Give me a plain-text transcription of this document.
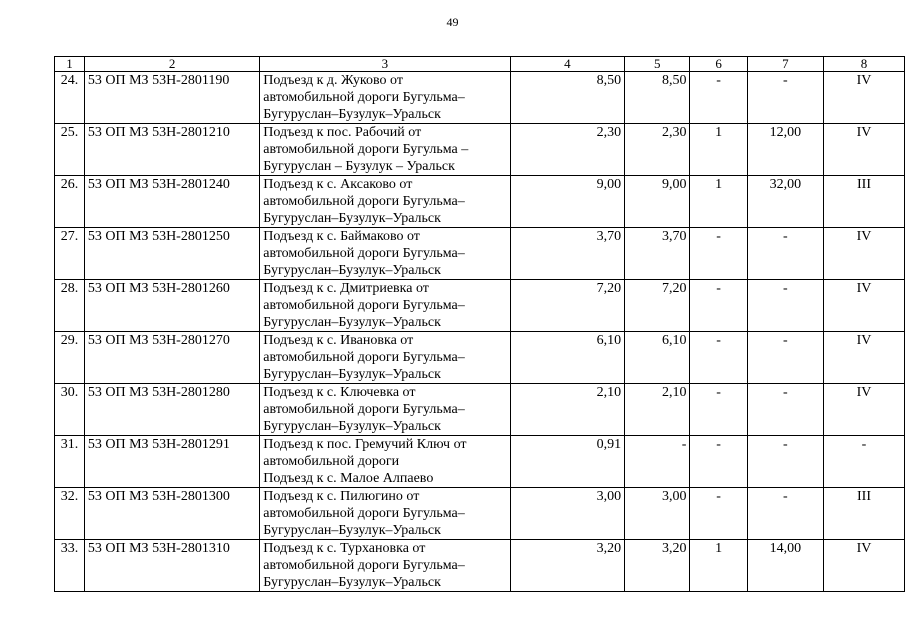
49
1	2	3	4	5	6	7	8
24.	53 ОП МЗ 53Н-2801190	Подъезд к д. Жуково от
автомобильной дороги Бугульма–
Бугуруслан–Бузулук–Уральск	8,50	8,50	-	-	IV
25.	53 ОП МЗ 53Н-2801210	Подъезд к пос. Рабочий от
автомобильной дороги Бугульма –
Бугуруслан – Бузулук – Уральск	2,30	2,30	1	12,00	IV
26.	53 ОП МЗ 53Н-2801240	Подъезд к с. Аксаково от
автомобильной дороги Бугульма–
Бугуруслан–Бузулук–Уральск	9,00	9,00	1	32,00	III
27.	53 ОП МЗ 53Н-2801250	Подъезд к с. Баймаково от
автомобильной дороги Бугульма–
Бугуруслан–Бузулук–Уральск	3,70	3,70	-	-	IV
28.	53 ОП МЗ 53Н-2801260	Подъезд к с. Дмитриевка от
автомобильной дороги Бугульма–
Бугуруслан–Бузулук–Уральск	7,20	7,20	-	-	IV
29.	53 ОП МЗ 53Н-2801270	Подъезд к с. Ивановка от
автомобильной дороги Бугульма–
Бугуруслан–Бузулук–Уральск	6,10	6,10	-	-	IV
30.	53 ОП МЗ 53Н-2801280	Подъезд к с. Ключевка от
автомобильной дороги Бугульма–
Бугуруслан–Бузулук–Уральск	2,10	2,10	-	-	IV
31.	53 ОП МЗ 53Н-2801291	Подъезд к пос. Гремучий Ключ от
автомобильной дороги
Подъезд к с. Малое Алпаево	0,91	-	-	-	-
32.	53 ОП МЗ 53Н-2801300	Подъезд к с. Пилюгино от
автомобильной дороги Бугульма–
Бугуруслан–Бузулук–Уральск	3,00	3,00	-	-	III
33.	53 ОП МЗ 53Н-2801310	Подъезд к с. Турхановка от
автомобильной дороги Бугульма–
Бугуруслан–Бузулук–Уральск	3,20	3,20	1	14,00	IV
